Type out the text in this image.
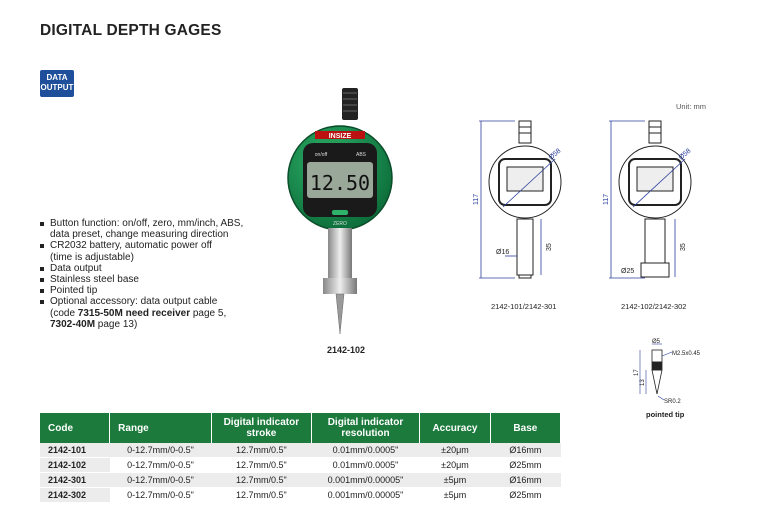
DIGITAL DEPTH GAGES
DATA
OUTPUT
INSIZE
12.50
on/off	ABS
ZERO
2142-102
Button function: on/off, zero, mm/inch, ABS,
data preset, change measuring direction
CR2032 battery, automatic power off
(time is adjustable)
Data output
Stainless steel base
Pointed tip
Optional accessory: data output cable
(code 7315-50M need receiver page 5,
7302-40M page 13)
Unit: mm
117
Ø58
Ø16
35
2142-101/2142-301
117
Ø58
Ø25
35
2142-102/2142-302
Ø5
M2.5x0.45
17
13
SR0.2
pointed tip
Code	Range	Digital indicator stroke	Digital indicator resolution	Accuracy	Base
2142-101	0-12.7mm/0-0.5"	12.7mm/0.5"	0.01mm/0.0005"	±20μm	Ø16mm
2142-102	0-12.7mm/0-0.5"	12.7mm/0.5"	0.01mm/0.0005"	±20μm	Ø25mm
2142-301	0-12.7mm/0-0.5"	12.7mm/0.5"	0.001mm/0.00005"	±5μm	Ø16mm
2142-302	0-12.7mm/0-0.5"	12.7mm/0.5"	0.001mm/0.00005"	±5μm	Ø25mm
